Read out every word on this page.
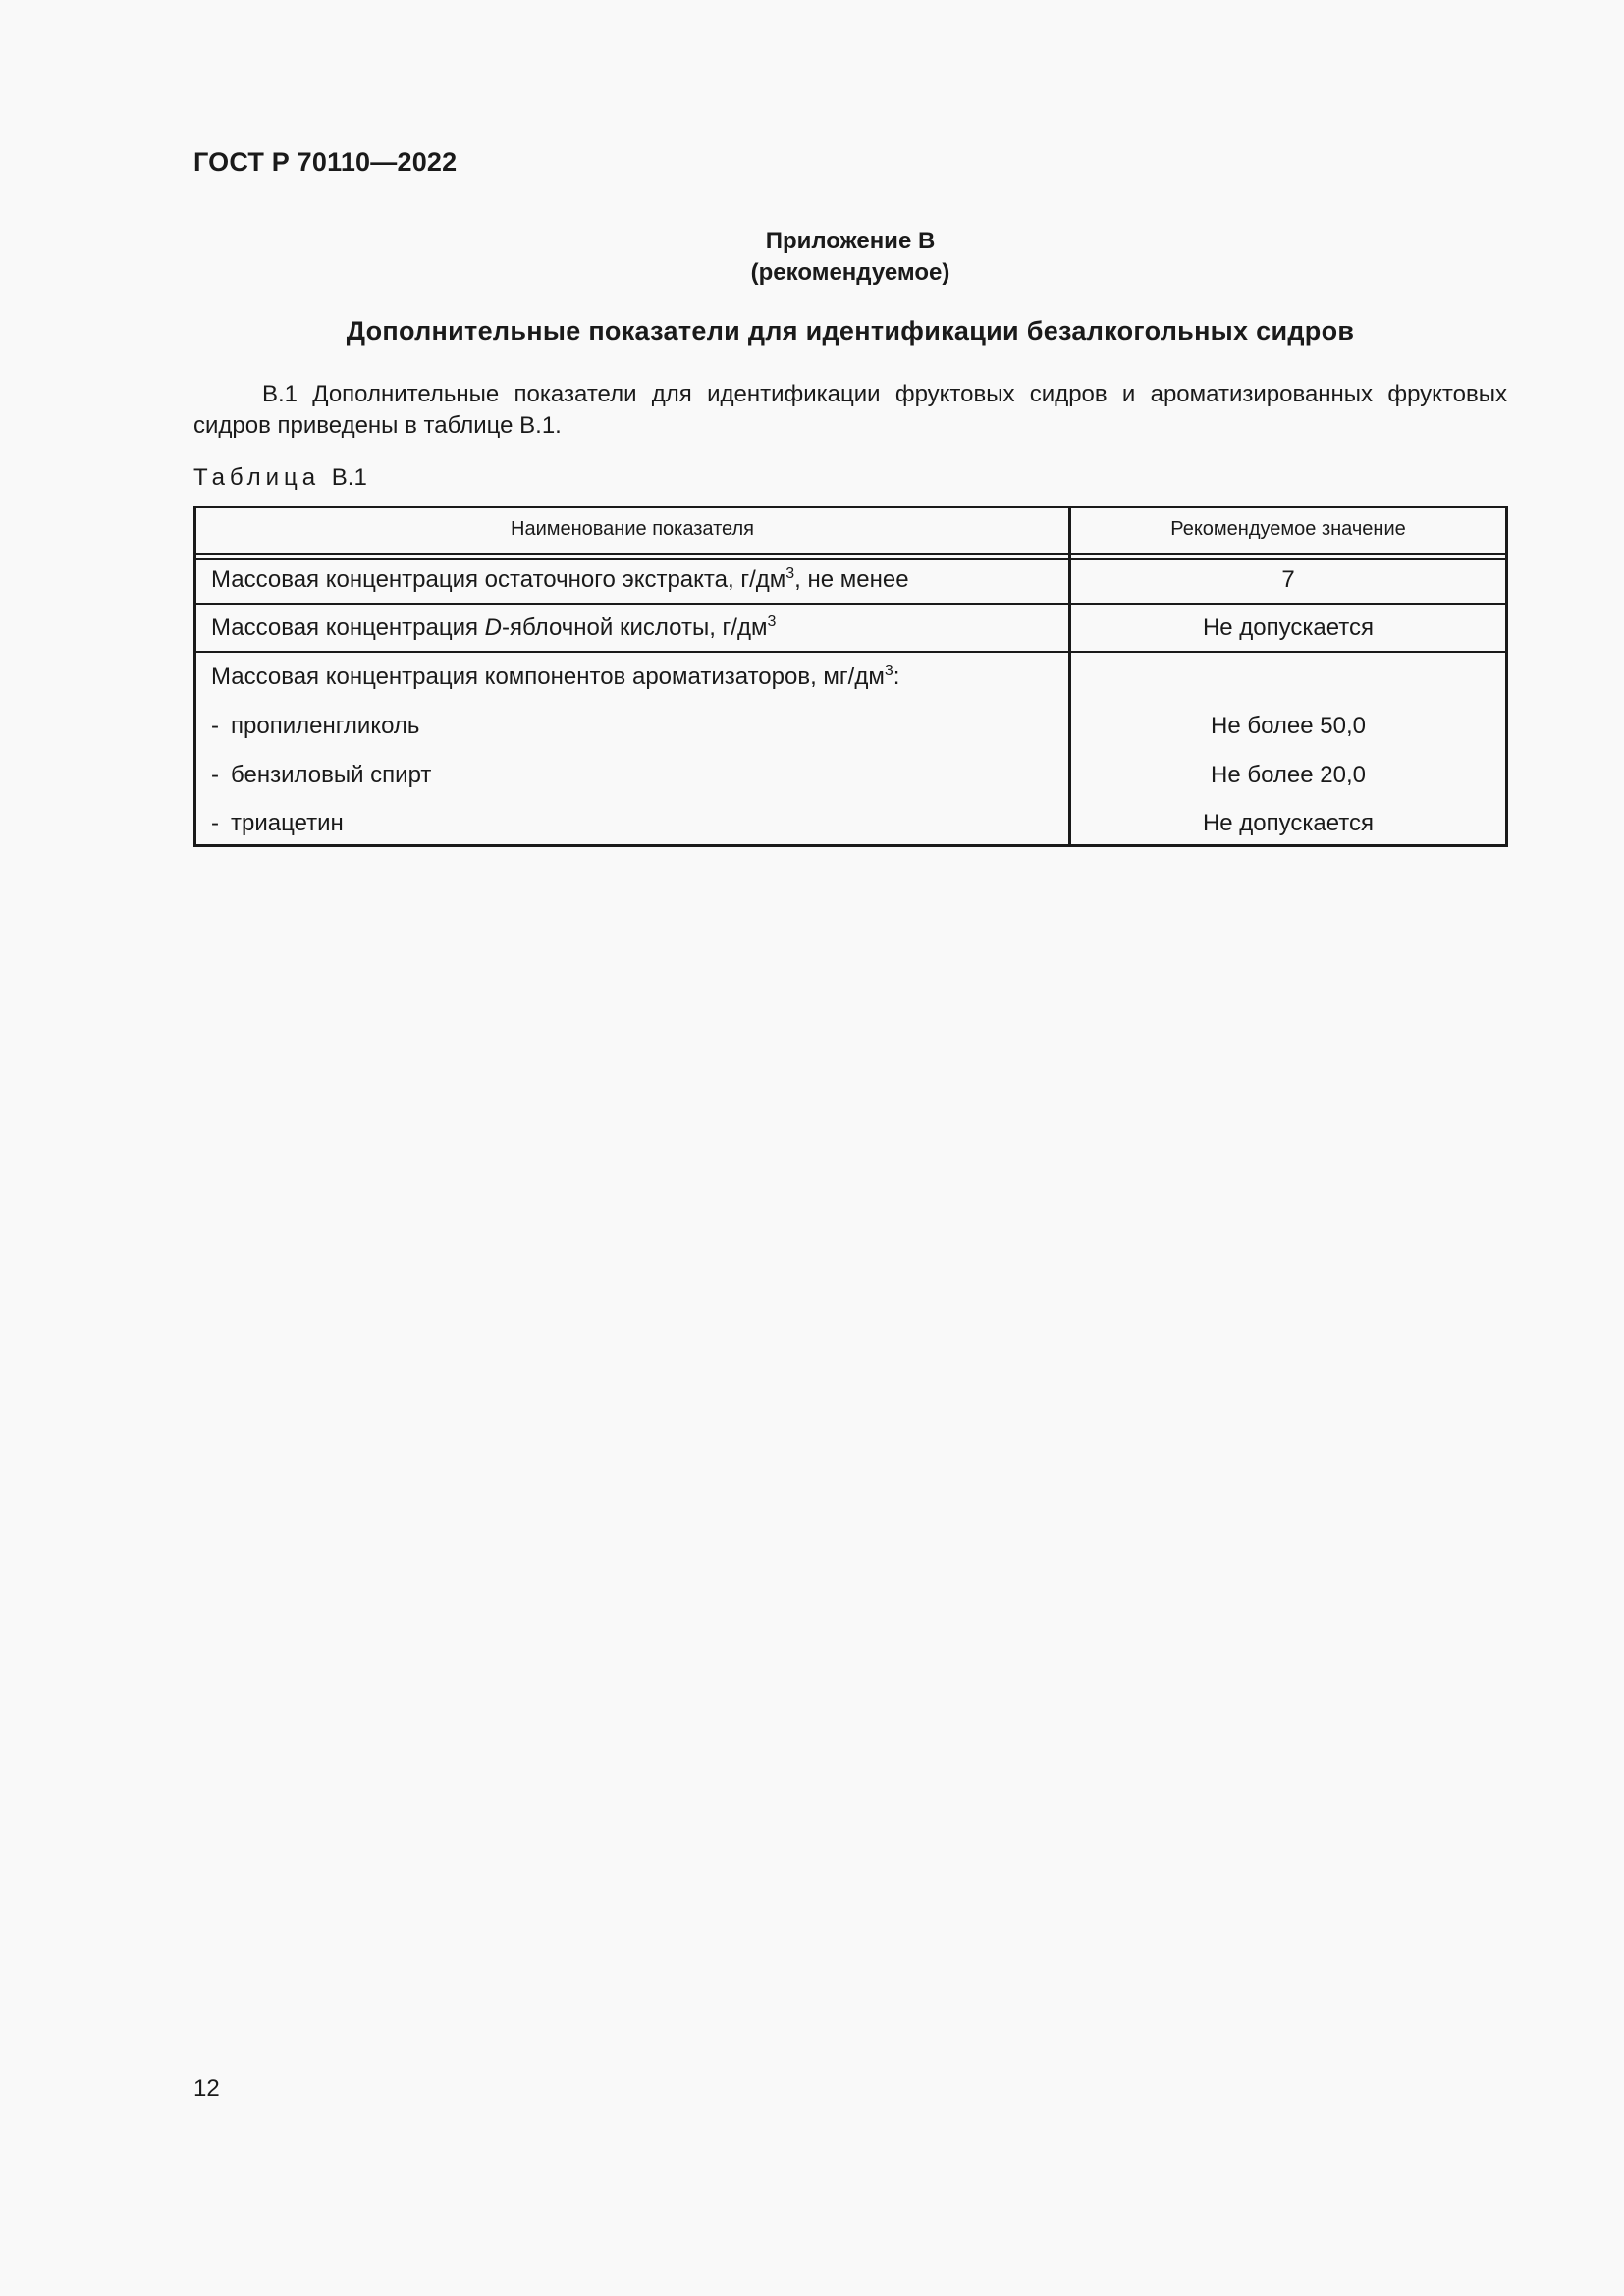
ГОСТ Р 70110—2022
Приложение В
(рекомендуемое)
Дополнительные показатели для идентификации безалкогольных сидров

В.1 Дополнительные показатели для идентификации фруктовых сидров и ароматизированных фруктовых сидров приведены в таблице В.1.

Таблица В.1
Наименование показателя	Рекомендуемое значение
Массовая концентрация остаточного экстракта, $г/дм^3$, не менее	7
Массовая концентрация D-яблочной кислоты, $г/дм^3$	Не допускается
Массовая концентрация компонентов ароматизаторов, $мг/дм^3$:
- пропиленгликоль	Не более 50,0
- бензиловый спирт	Не более 20,0
- триацетин	Не допускается
12
